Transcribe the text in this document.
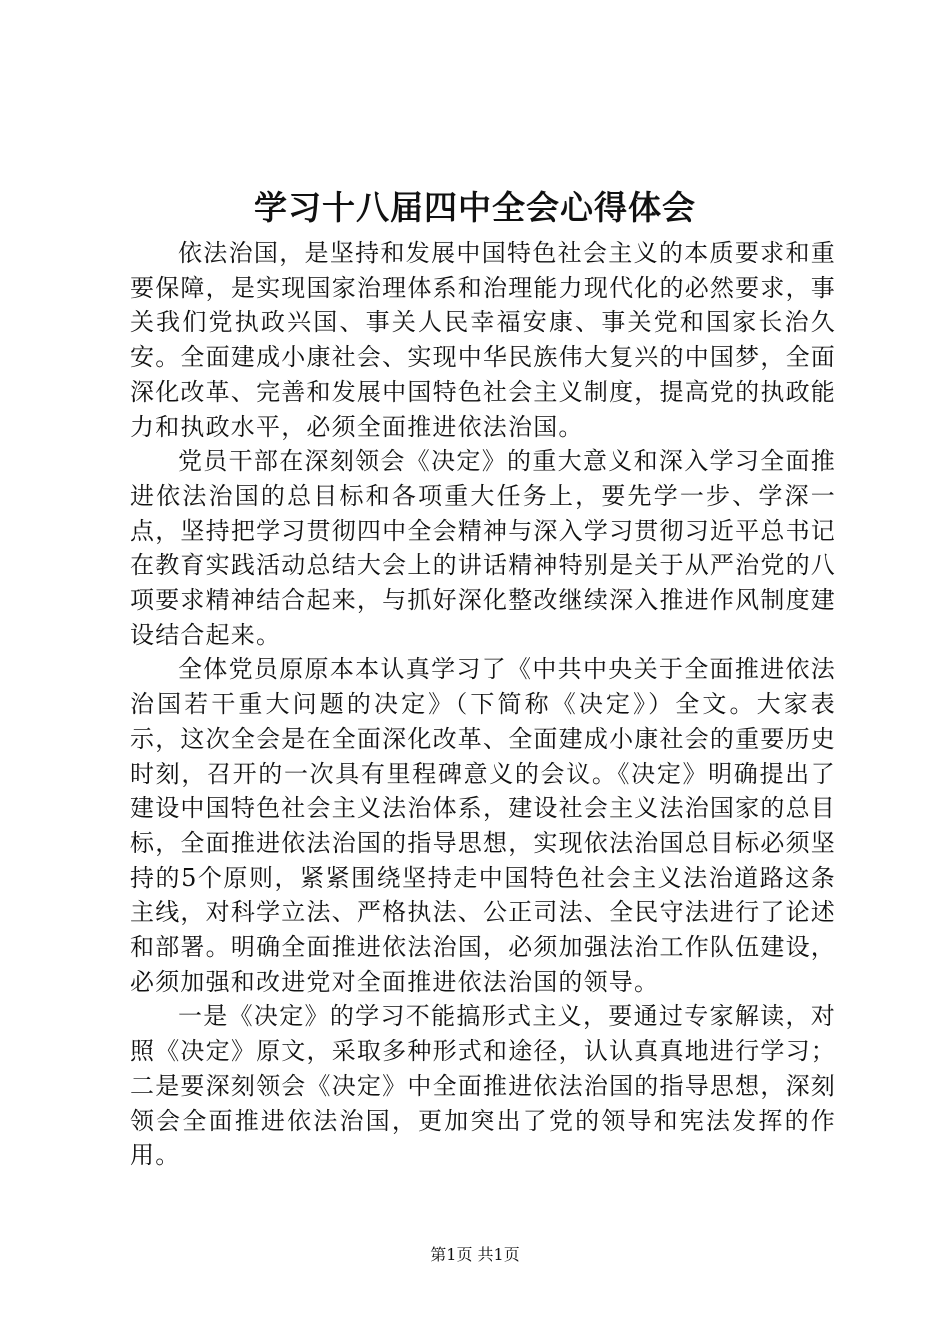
学习十八届四中全会心得体会

依法治国，是坚持和发展中国特色社会主义的本质要求和重要保障，是实现国家治理体系和治理能力现代化的必然要求，事关我们党执政兴国、事关人民幸福安康、事关党和国家长治久安。全面建成小康社会、实现中华民族伟大复兴的中国梦，全面深化改革、完善和发展中国特色社会主义制度，提高党的执政能力和执政水平，必须全面推进依法治国。

党员干部在深刻领会《决定》的重大意义和深入学习全面推进依法治国的总目标和各项重大任务上，要先学一步、学深一点，坚持把学习贯彻四中全会精神与深入学习贯彻习近平总书记在教育实践活动总结大会上的讲话精神特别是关于从严治党的八项要求精神结合起来，与抓好深化整改继续深入推进作风制度建设结合起来。

全体党员原原本本认真学习了《中共中央关于全面推进依法治国若干重大问题的决定》（下简称《决定》）全文。大家表示，这次全会是在全面深化改革、全面建成小康社会的重要历史时刻，召开的一次具有里程碑意义的会议。《决定》明确提出了建设中国特色社会主义法治体系，建设社会主义法治国家的总目标，全面推进依法治国的指导思想，实现依法治国总目标必须坚持的5个原则，紧紧围绕坚持走中国特色社会主义法治道路这条主线，对科学立法、严格执法、公正司法、全民守法进行了论述和部署。明确全面推进依法治国，必须加强法治工作队伍建设，必须加强和改进党对全面推进依法治国的领导。

一是《决定》的学习不能搞形式主义，要通过专家解读，对照《决定》原文，采取多种形式和途径，认认真真地进行学习；二是要深刻领会《决定》中全面推进依法治国的指导思想，深刻领会全面推进依法治国，更加突出了党的领导和宪法发挥的作用。

第1页 共1页
